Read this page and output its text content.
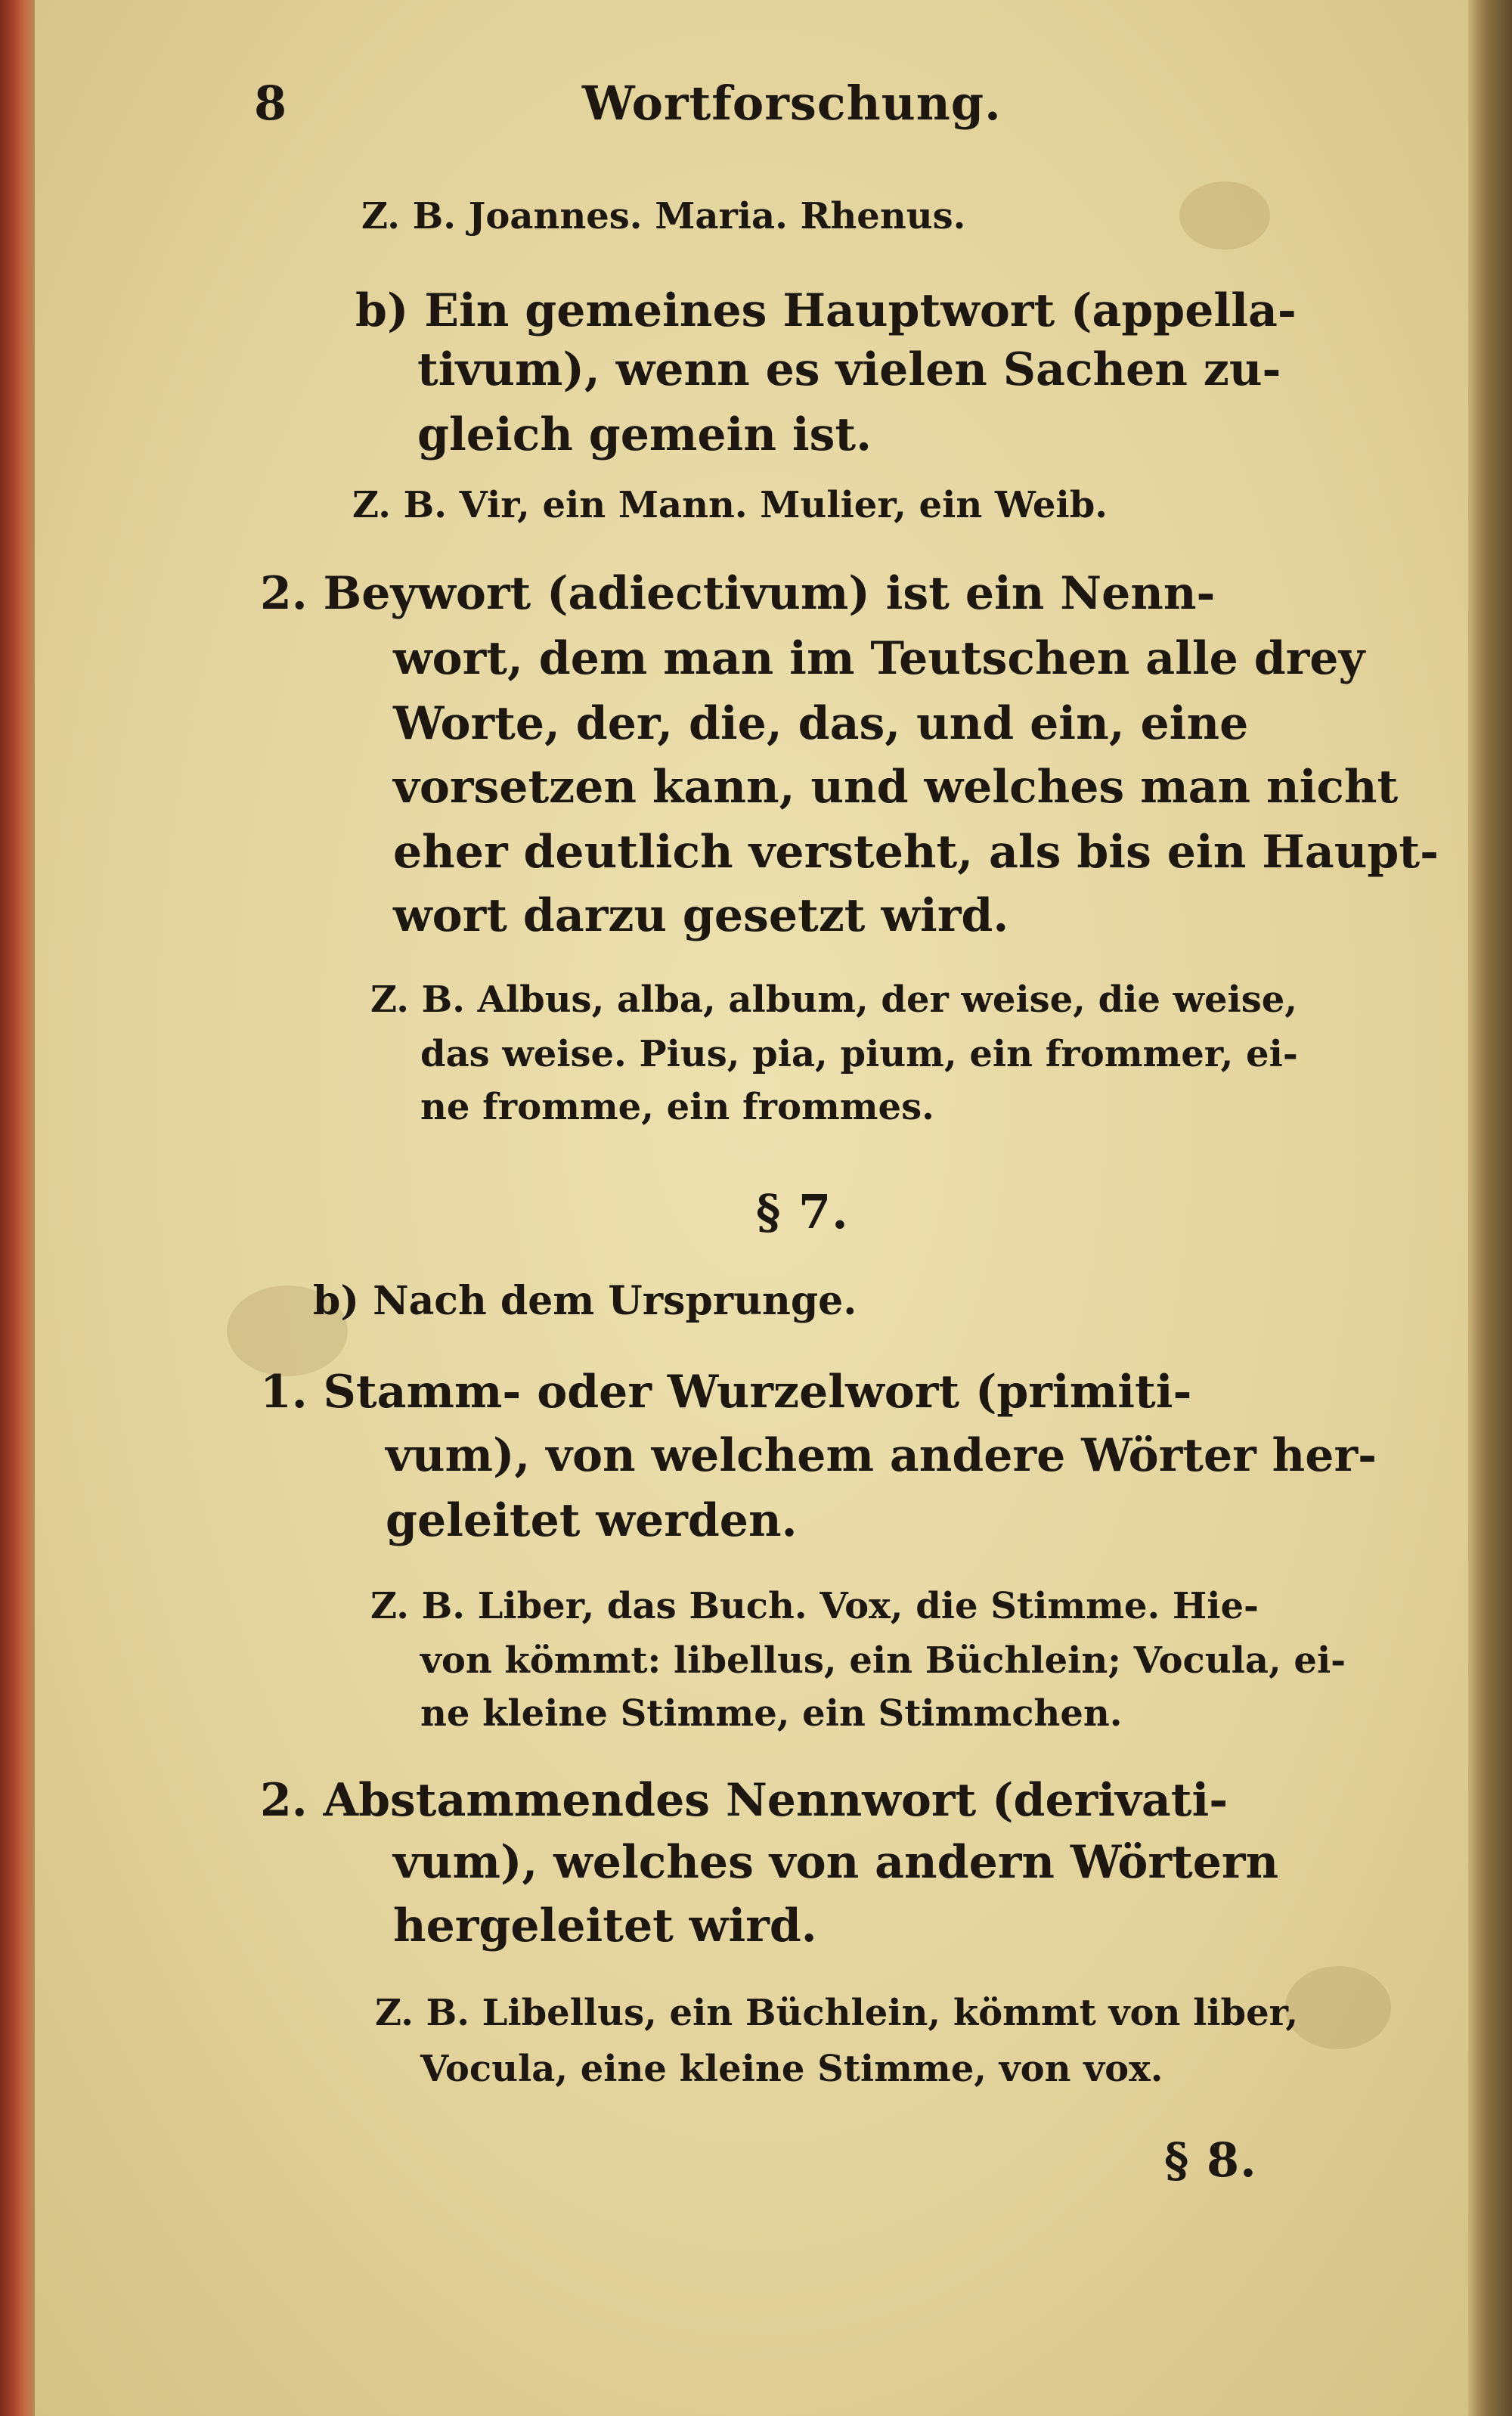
8	Wortforschung.
Z. B. Joannes. Maria. Rhenus.
b) Ein gemeines Hauptwort (appella-
tivum), wenn es vielen Sachen zu-
gleich gemein ist.
Z. B. Vir, ein Mann. Mulier, ein Weib.
2. Beywort (adiectivum) ist ein Nenn-
wort, dem man im Teutschen alle drey
Worte, der, die, das, und ein, eine
vorsetzen kann, und welches man nicht
eher deutlich versteht, als bis ein Haupt-
wort darzu gesetzt wird.
Z. B. Albus, alba, album, der weise, die weise,
das weise. Pius, pia, pium, ein frommer, ei-
ne fromme, ein frommes.
§ 7.
b) Nach dem Ursprunge.
1. Stamm- oder Wurzelwort (primiti-
vum), von welchem andere Wörter her-
geleitet werden.
Z. B. Liber, das Buch. Vox, die Stimme. Hie-
von kömmt: libellus, ein Büchlein; Vocula, ei-
ne kleine Stimme, ein Stimmchen.
2. Abstammendes Nennwort (derivati-
vum), welches von andern Wörtern
hergeleitet wird.
Z. B. Libellus, ein Büchlein, kömmt von liber,
Vocula, eine kleine Stimme, von vox.
§ 8.
